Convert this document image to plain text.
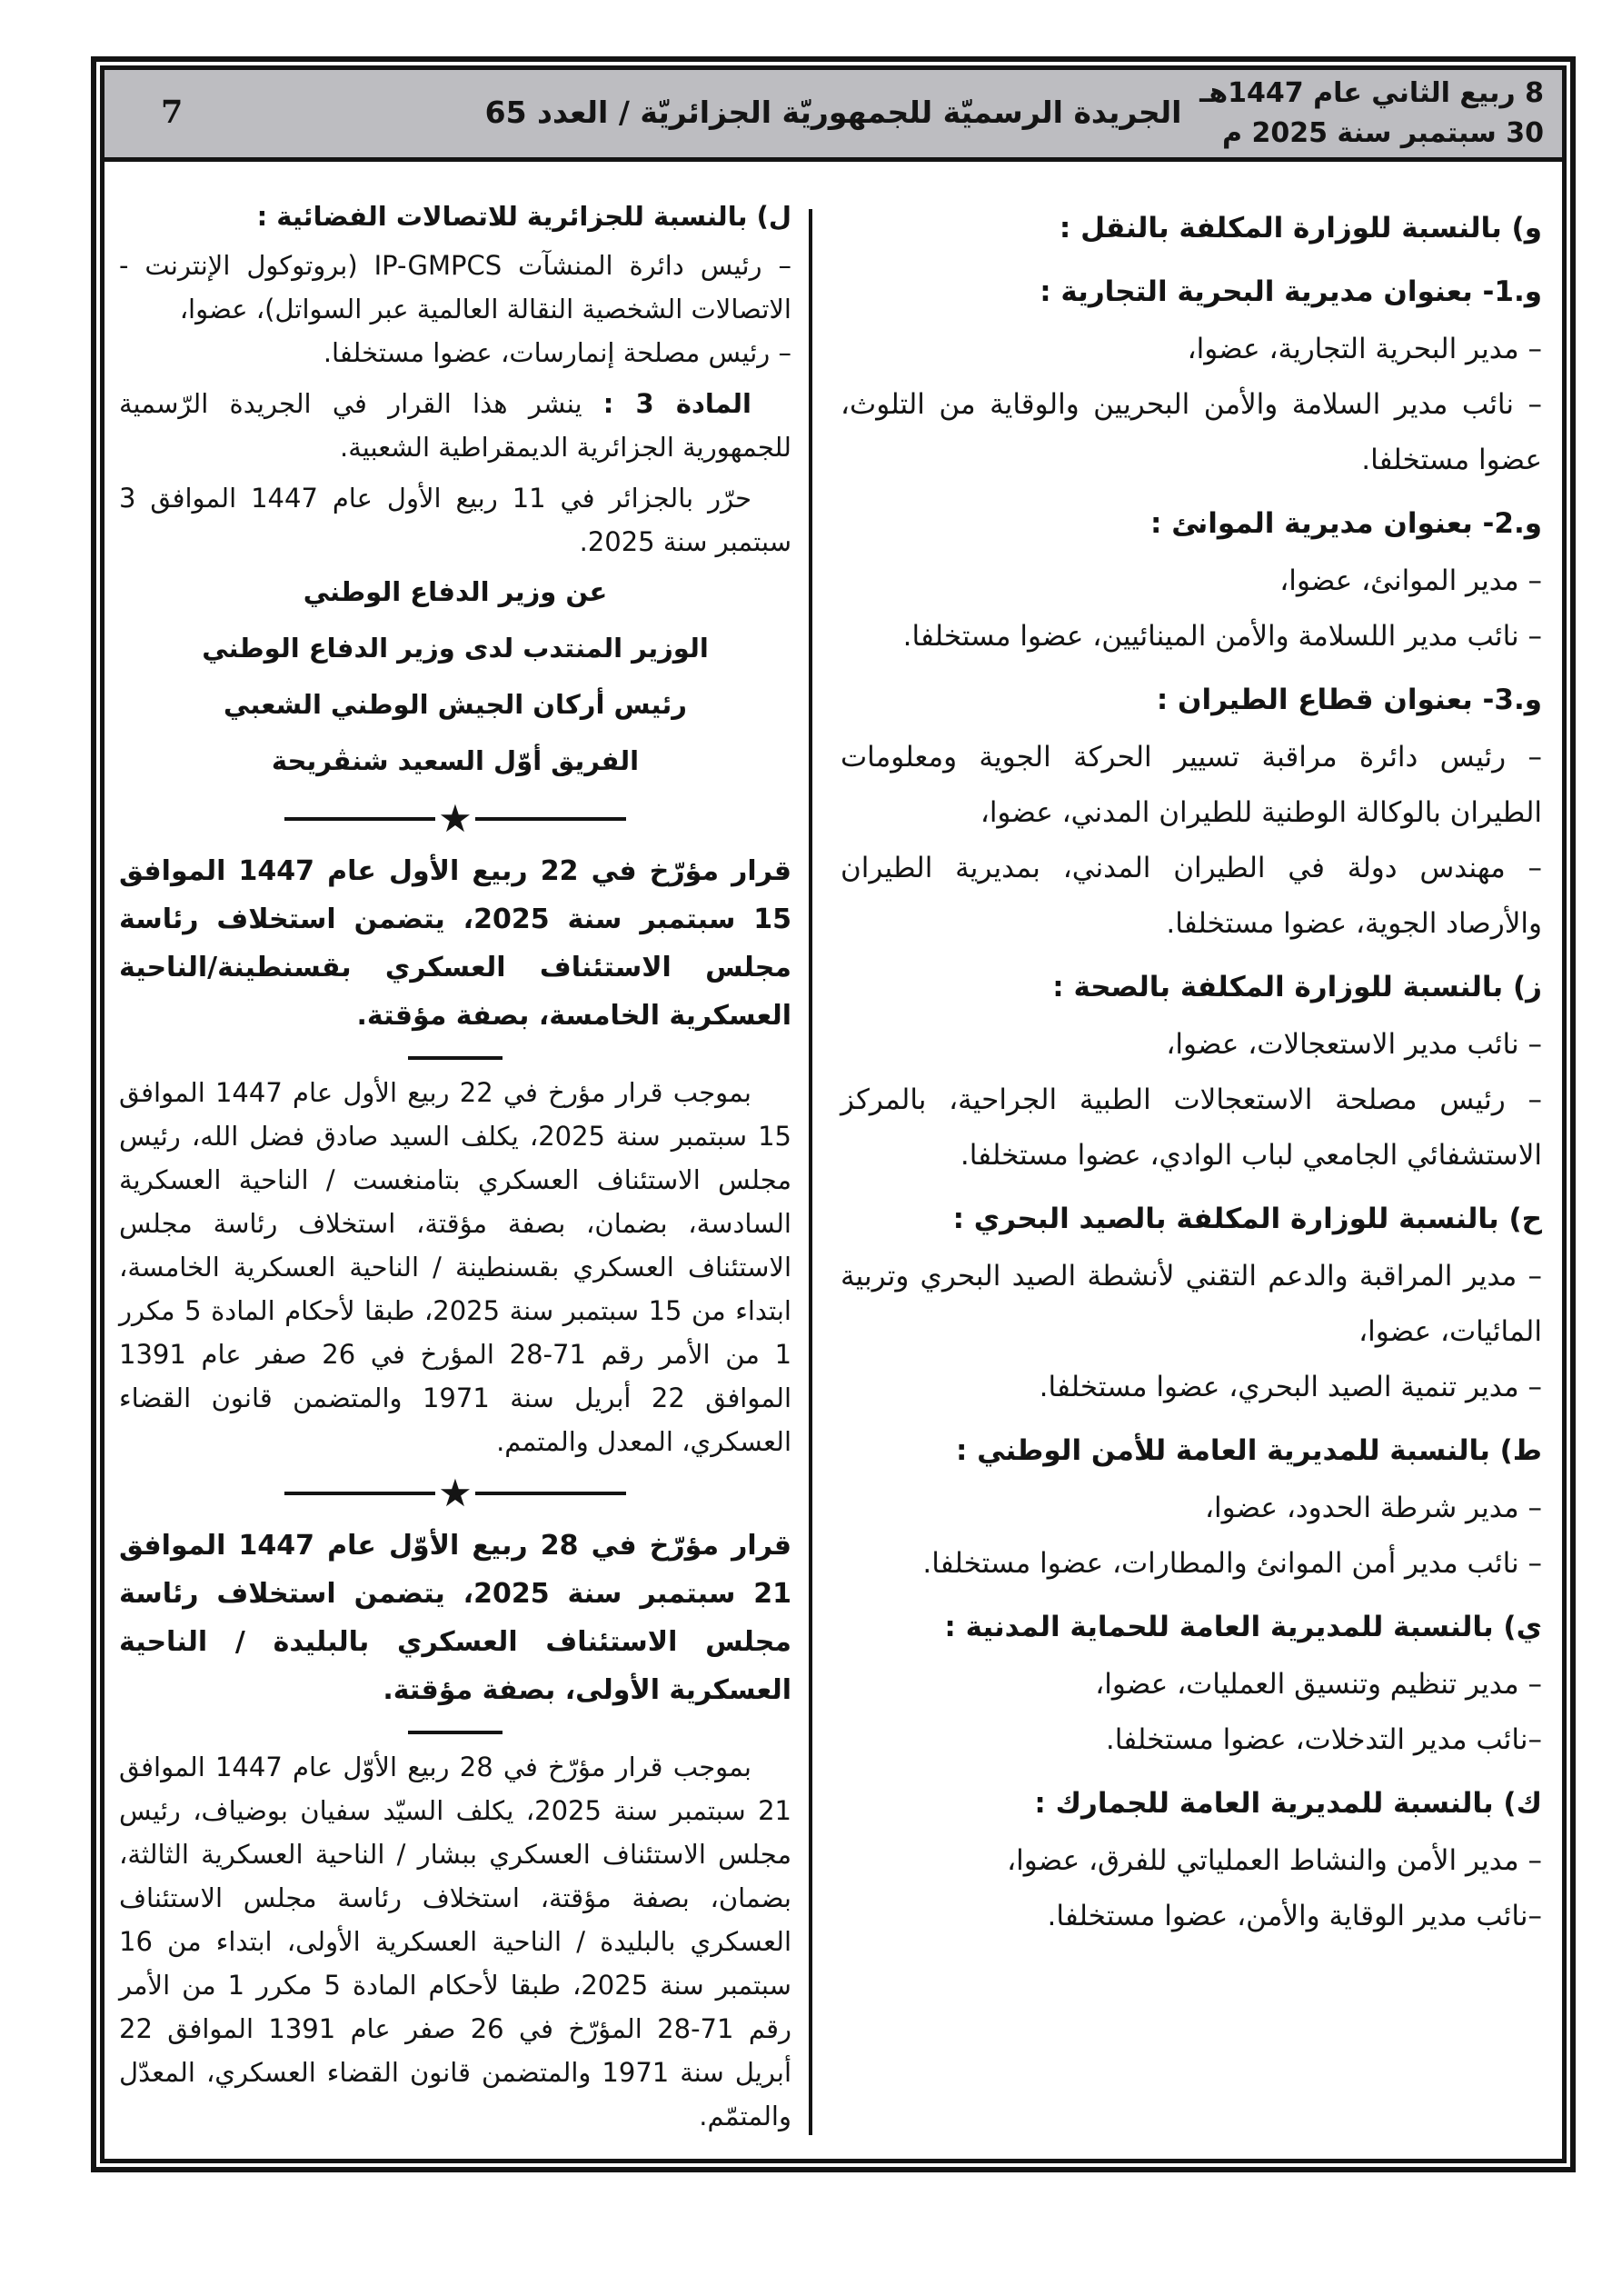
7	الجريدة الرسميّة للجمهوريّة الجزائريّة / العدد 65
8 ربيع الثاني عام 1447هـ
30 سبتمبر سنة 2025 م
و) بالنسبة للوزارة المكلفة بالنقل :
و.1- بعنوان مديرية البحرية التجارية :
– مدير البحرية التجارية، عضوا،
– نائب مدير السلامة والأمن البحريين والوقاية من التلوث، عضوا مستخلفا.
و.2- بعنوان مديرية الموانئ :
– مدير الموانئ، عضوا،
– نائب مدير اللسلامة والأمن المينائيين، عضوا مستخلفا.
و.3- بعنوان قطاع الطيران :
– رئيس دائرة مراقبة تسيير الحركة الجوية ومعلومات الطيران بالوكالة الوطنية للطيران المدني، عضوا،
– مهندس دولة في الطيران المدني، بمديرية الطيران والأرصاد الجوية، عضوا مستخلفا.
ز) بالنسبة للوزارة المكلفة بالصحة :
– نائب مدير الاستعجالات، عضوا،
– رئيس مصلحة الاستعجالات الطبية الجراحية، بالمركز الاستشفائي الجامعي لباب الوادي، عضوا مستخلفا.
ح) بالنسبة للوزارة المكلفة بالصيد البحري :
– مدير المراقبة والدعم التقني لأنشطة الصيد البحري وتربية المائيات، عضوا،
– مدير تنمية الصيد البحري، عضوا مستخلفا.
ط) بالنسبة للمديرية العامة للأمن الوطني :
– مدير شرطة الحدود، عضوا،
– نائب مدير أمن الموانئ والمطارات، عضوا مستخلفا.
ي) بالنسبة للمديرية العامة للحماية المدنية :
– مدير تنظيم وتنسيق العمليات، عضوا،
–نائب مدير التدخلات، عضوا مستخلفا.
ك) بالنسبة للمديرية العامة للجمارك :
– مدير الأمن والنشاط العملياتي للفرق، عضوا،
–نائب مدير الوقاية والأمن، عضوا مستخلفا.
ل) بالنسبة للجزائرية للاتصالات الفضائية :
– رئيس دائرة المنشآت IP-GMPCS (بروتوكول الإنترنت - الاتصالات الشخصية النقالة العالمية عبر السواتل)، عضوا،
– رئيس مصلحة إنمارسات، عضوا مستخلفا.
المادة 3 : ينشر هذا القرار في الجريدة الرّسمية للجمهورية الجزائرية الديمقراطية الشعبية.
حرّر بالجزائر في 11 ربيع الأول عام 1447 الموافق 3 سبتمبر سنة 2025.
عن وزير الدفاع الوطني
الوزير المنتدب لدى وزير الدفاع الوطني
رئيس أركان الجيش الوطني الشعبي
الفريق أوّل السعيد شنڨريحة
★
قرار مؤرّخ في 22 ربيع الأول عام 1447 الموافق 15 سبتمبر سنة 2025، يتضمن استخلاف رئاسة مجلس الاستئناف العسكري بقسنطينة/الناحية العسكرية الخامسة، بصفة مؤقتة.
بموجب قرار مؤرخ في 22 ربيع الأول عام 1447 الموافق 15 سبتمبر سنة 2025، يكلف السيد صادق فضل الله، رئيس مجلس الاستئناف العسكري بتامنغست / الناحية العسكرية السادسة، بضمان، بصفة مؤقتة، استخلاف رئاسة مجلس الاستئناف العسكري بقسنطينة / الناحية العسكرية الخامسة، ابتداء من 15 سبتمبر سنة 2025، طبقا لأحكام المادة 5 مكرر 1 من الأمر رقم 71‏-‏28 المؤرخ في 26 صفر عام 1391 الموافق 22 أبريل سنة 1971 والمتضمن قانون القضاء العسكري، المعدل والمتمم.
★
قرار مؤرّخ في 28 ربيع الأوّل عام 1447 الموافق 21 سبتمبر سنة 2025، يتضمن استخلاف رئاسة مجلس الاستئناف العسكري بالبليدة / الناحية العسكرية الأولى، بصفة مؤقتة.
بموجب قرار مؤرّخ في 28 ربيع الأوّل عام 1447 الموافق 21 سبتمبر سنة 2025، يكلف السيّد سفيان بوضياف، رئيس مجلس الاستئناف العسكري ببشار / الناحية العسكرية الثالثة، بضمان، بصفة مؤقتة، استخلاف رئاسة مجلس الاستئناف العسكري بالبليدة / الناحية العسكرية الأولى، ابتداء من 16 سبتمبر سنة 2025، طبقا لأحكام المادة 5 مكرر 1 من الأمر رقم 71‏-‏28 المؤرّخ في 26 صفر عام 1391 الموافق 22 أبريل سنة 1971 والمتضمن قانون القضاء العسكري، المعدّل والمتمّم.
